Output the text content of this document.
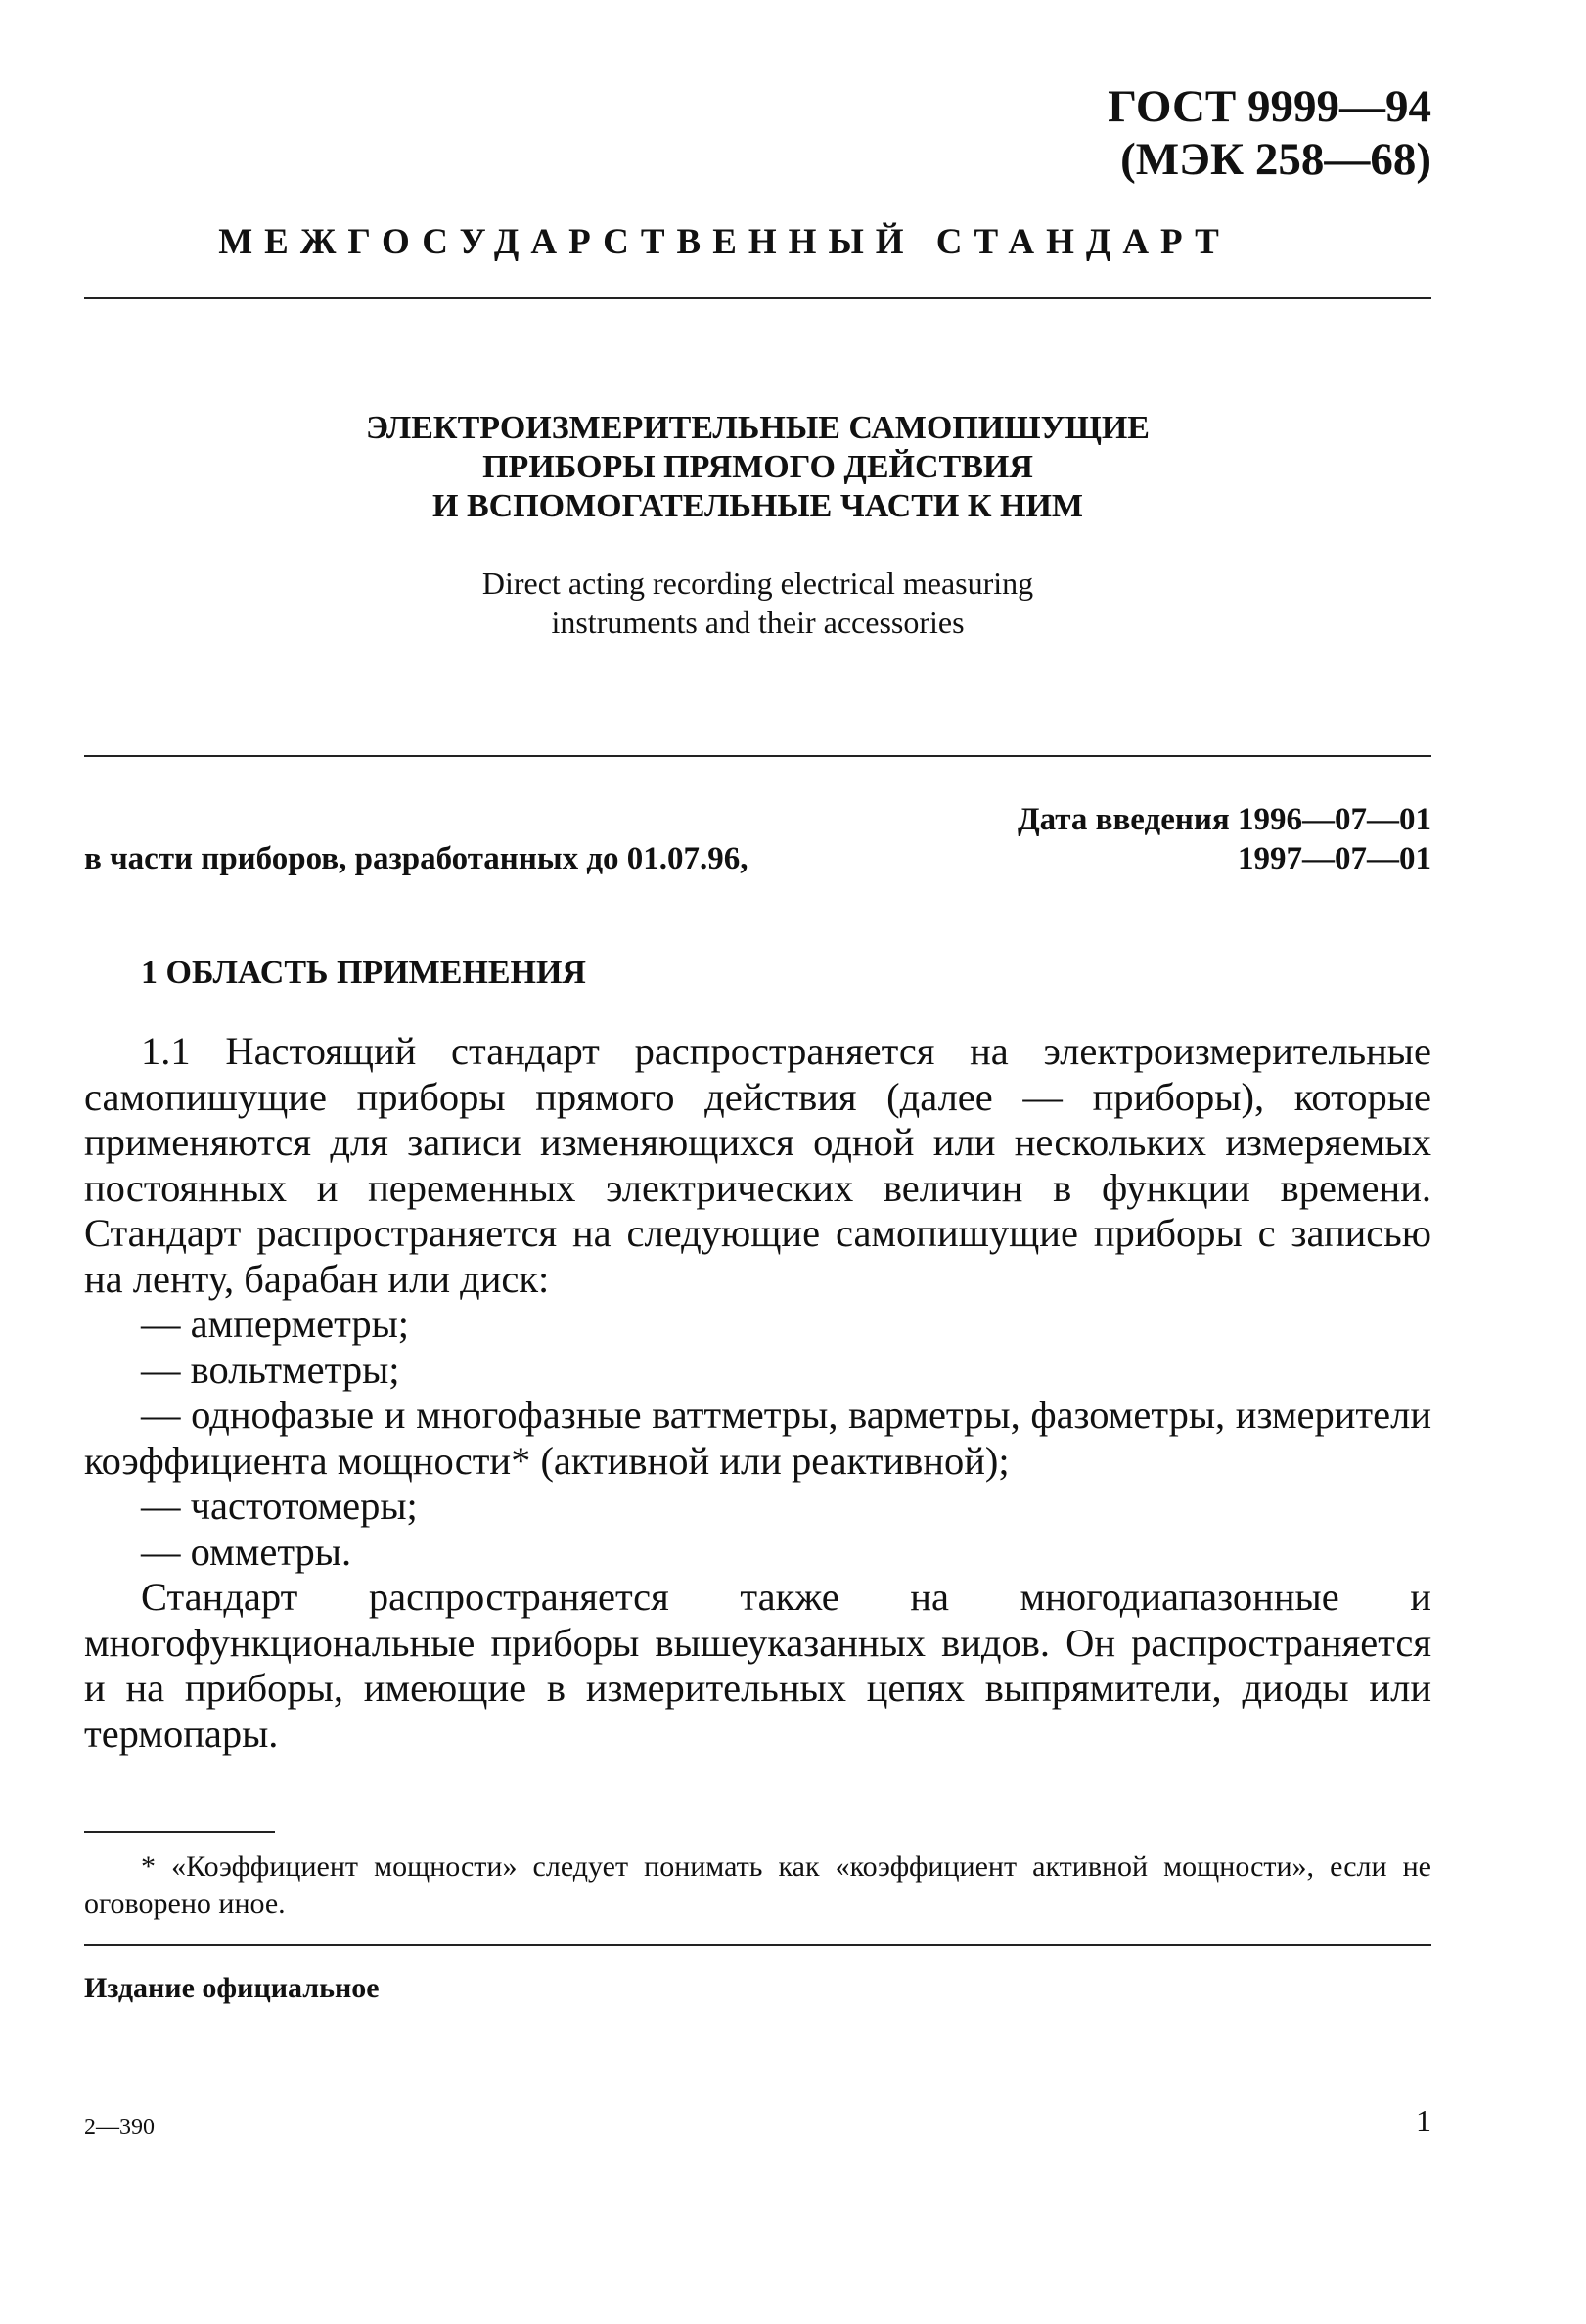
ГОСТ 9999—94
(МЭК 258—68)
МЕЖГОСУДАРСТВЕННЫЙ СТАНДАРТ
ЭЛЕКТРОИЗМЕРИТЕЛЬНЫЕ САМОПИШУЩИЕ
ПРИБОРЫ ПРЯМОГО ДЕЙСТВИЯ
И ВСПОМОГАТЕЛЬНЫЕ ЧАСТИ К НИМ
Direct acting recording electrical measuring
instruments and their accessories
Дата введения 1996—07—01
1997—07—01
в части приборов, разработанных до 01.07.96,
1 ОБЛАСТЬ ПРИМЕНЕНИЯ

1.1 Настоящий стандарт распространяется на электроизмерительные самопишущие приборы прямого действия (далее — приборы), которые применяются для записи изменяющихся одной или нескольких измеряемых постоянных и переменных электрических величин в функции времени. Стандарт распространяется на следующие самопишущие приборы с записью на ленту, барабан или диск:

— амперметры;

— вольтметры;

— однофазые и многофазные ваттметры, варметры, фазометры, измерители коэффициента мощности* (активной или реактивной);

— частотомеры;

— омметры.

Стандарт распространяется также на многодиапазонные и многофункциональные приборы вышеуказанных видов. Он распространяется и на приборы, имеющие в измерительных цепях выпрямители, диоды или термопары.

* «Коэффициент мощности» следует понимать как «коэффициент активной мощности», если не оговорено иное.
Издание официальное
2—390	1
